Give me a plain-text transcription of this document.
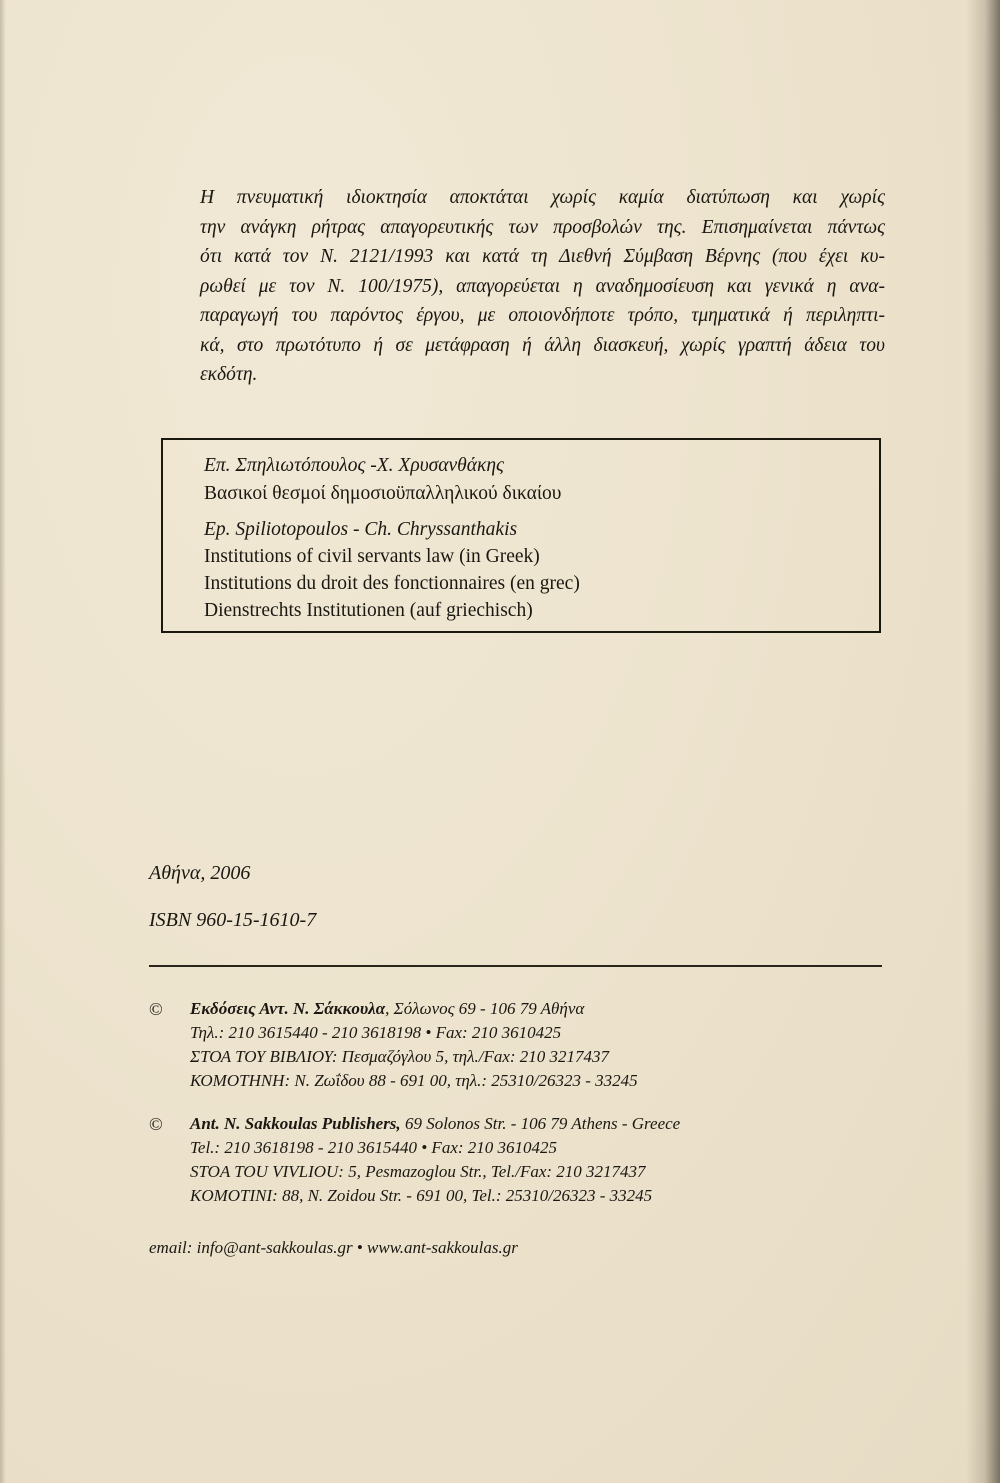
Η πνευματική ιδιοκτησία αποκτάται χωρίς καμία διατύπωση και χωρίς
την ανάγκη ρήτρας απαγορευτικής των προσβολών της. Επισημαίνεται πάντως
ότι κατά τον Ν. 2121/1993 και κατά τη Διεθνή Σύμβαση Βέρνης (που έχει κυ-
ρωθεί με τον Ν. 100/1975), απαγορεύεται η αναδημοσίευση και γενικά η ανα-
παραγωγή του παρόντος έργου, με οποιονδήποτε τρόπο, τμηματικά ή περιληπτι-
κά, στο πρωτότυπο ή σε μετάφραση ή άλλη διασκευή, χωρίς γραπτή άδεια του
εκδότη.
Επ. Σπηλιωτόπουλος -Χ. Χρυσανθάκης
Βασικοί θεσμοί δημοσιοϋπαλληλικού δικαίου
Ep. Spiliotopoulos - Ch. Chryssanthakis
Institutions of civil servants law (in Greek)
Institutions du droit des fonctionnaires (en grec)
Dienstrechts Institutionen (auf griechisch)
Αθήνα, 2006
ISBN 960-15-1610-7
© Εκδόσεις Αντ. Ν. Σάκκουλα, Σόλωνος 69 - 106 79 Αθήνα
Τηλ.: 210 3615440 - 210 3618198 • Fax: 210 3610425
ΣΤΟΑ ΤΟΥ ΒΙΒΛΙΟΥ: Πεσμαζόγλου 5, τηλ./Fax: 210 3217437
ΚΟΜΟΤΗΝΗ: Ν. Ζωΐδου 88 - 691 00, τηλ.: 25310/26323 - 33245
© Ant. N. Sakkoulas Publishers, 69 Solonos Str. - 106 79 Athens - Greece
Tel.: 210 3618198 - 210 3615440 • Fax: 210 3610425
STOA TOU VIVLIOU: 5, Pesmazoglou Str., Tel./Fax: 210 3217437
KOMOTINI: 88, N. Zoidou Str. - 691 00, Tel.: 25310/26323 - 33245
email: info@ant-sakkoulas.gr • www.ant-sakkoulas.gr
